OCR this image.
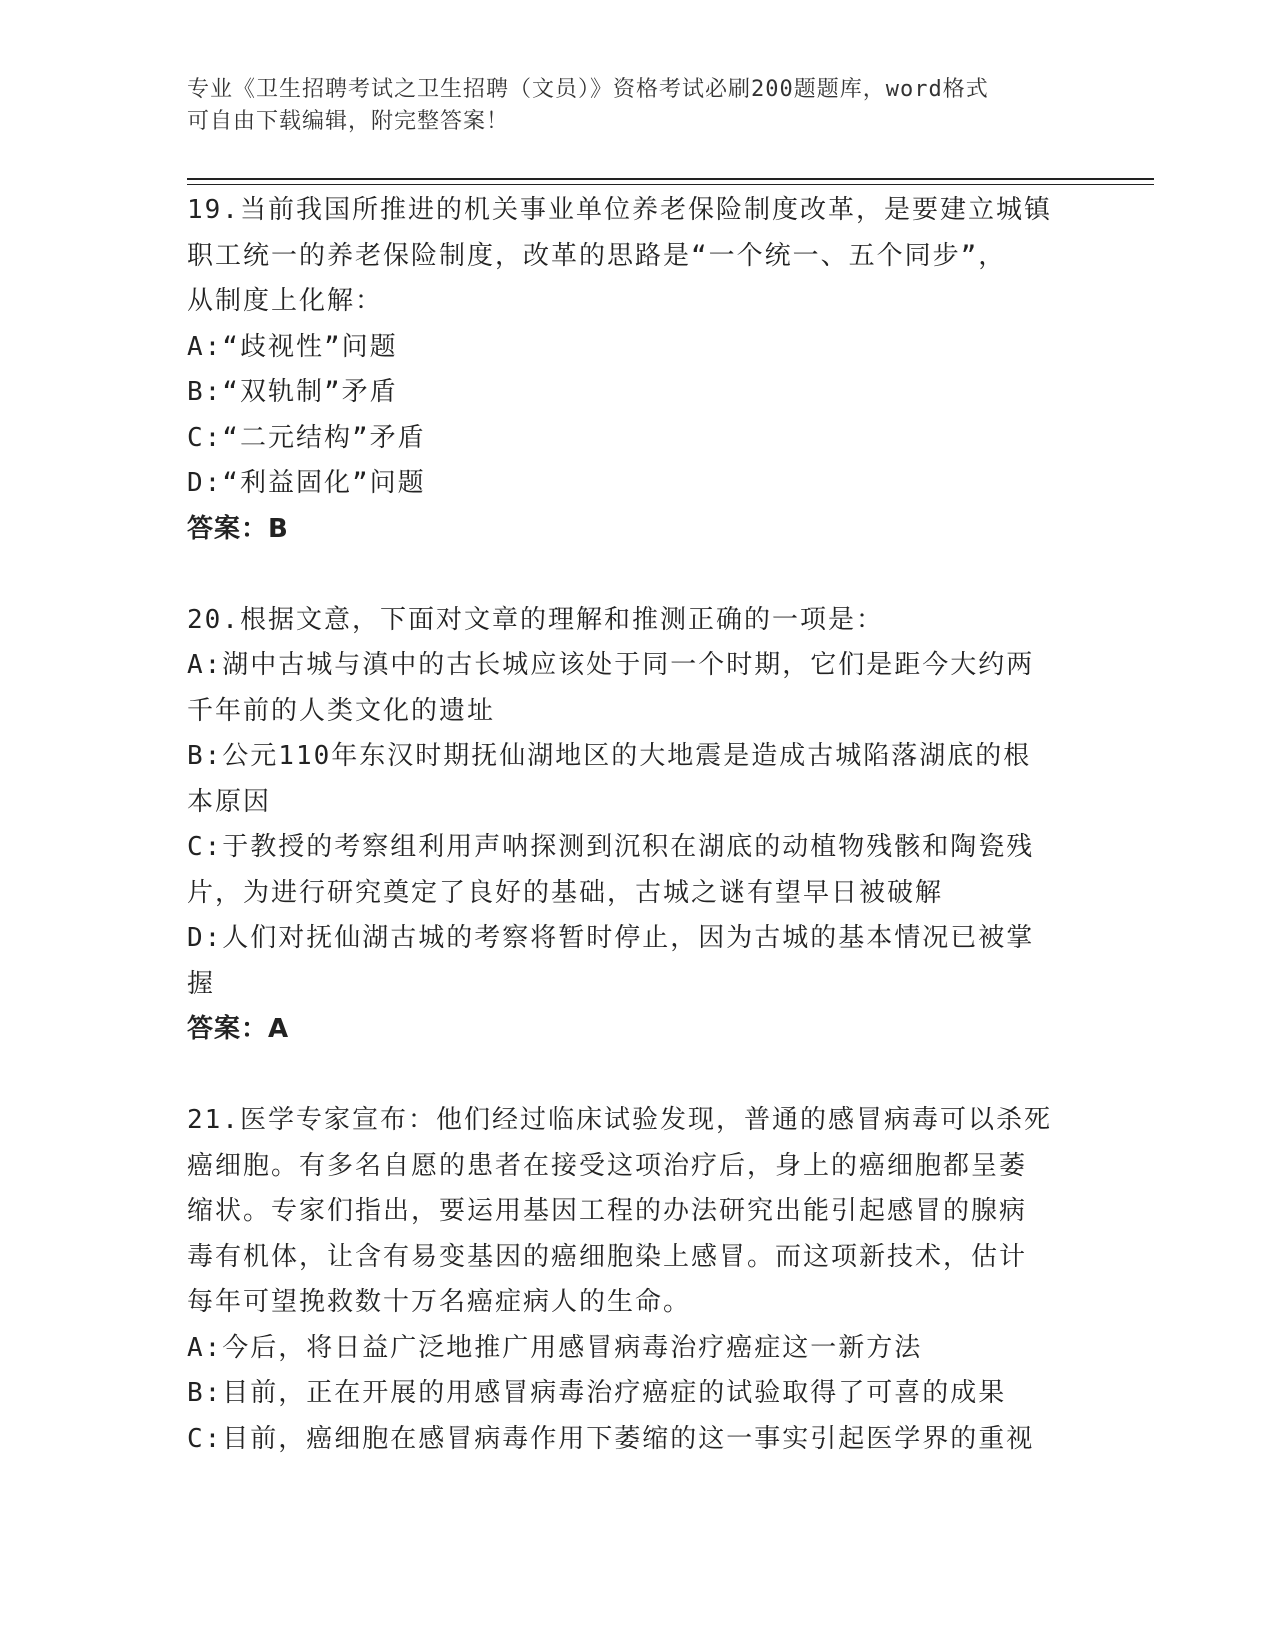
专业《卫生招聘考试之卫生招聘（文员）》资格考试必刷200题题库，word格式
可自由下载编辑，附完整答案！
19.当前我国所推进的机关事业单位养老保险制度改革，是要建立城镇
职工统一的养老保险制度，改革的思路是“一个统一、五个同步”，
从制度上化解：
A:“歧视性”问题
B:“双轨制”矛盾
C:“二元结构”矛盾
D:“利益固化”问题
答案：B
20.根据文意，下面对文章的理解和推测正确的一项是：
A:湖中古城与滇中的古长城应该处于同一个时期，它们是距今大约两
千年前的人类文化的遗址
B:公元110年东汉时期抚仙湖地区的大地震是造成古城陷落湖底的根
本原因
C:于教授的考察组利用声呐探测到沉积在湖底的动植物残骸和陶瓷残
片，为进行研究奠定了良好的基础，古城之谜有望早日被破解
D:人们对抚仙湖古城的考察将暂时停止，因为古城的基本情况已被掌
握
答案：A
21.医学专家宣布：他们经过临床试验发现，普通的感冒病毒可以杀死
癌细胞。有多名自愿的患者在接受这项治疗后，身上的癌细胞都呈萎
缩状。专家们指出，要运用基因工程的办法研究出能引起感冒的腺病
毒有机体，让含有易变基因的癌细胞染上感冒。而这项新技术，估计
每年可望挽救数十万名癌症病人的生命。
A:今后，将日益广泛地推广用感冒病毒治疗癌症这一新方法
B:目前，正在开展的用感冒病毒治疗癌症的试验取得了可喜的成果
C:目前，癌细胞在感冒病毒作用下萎缩的这一事实引起医学界的重视
